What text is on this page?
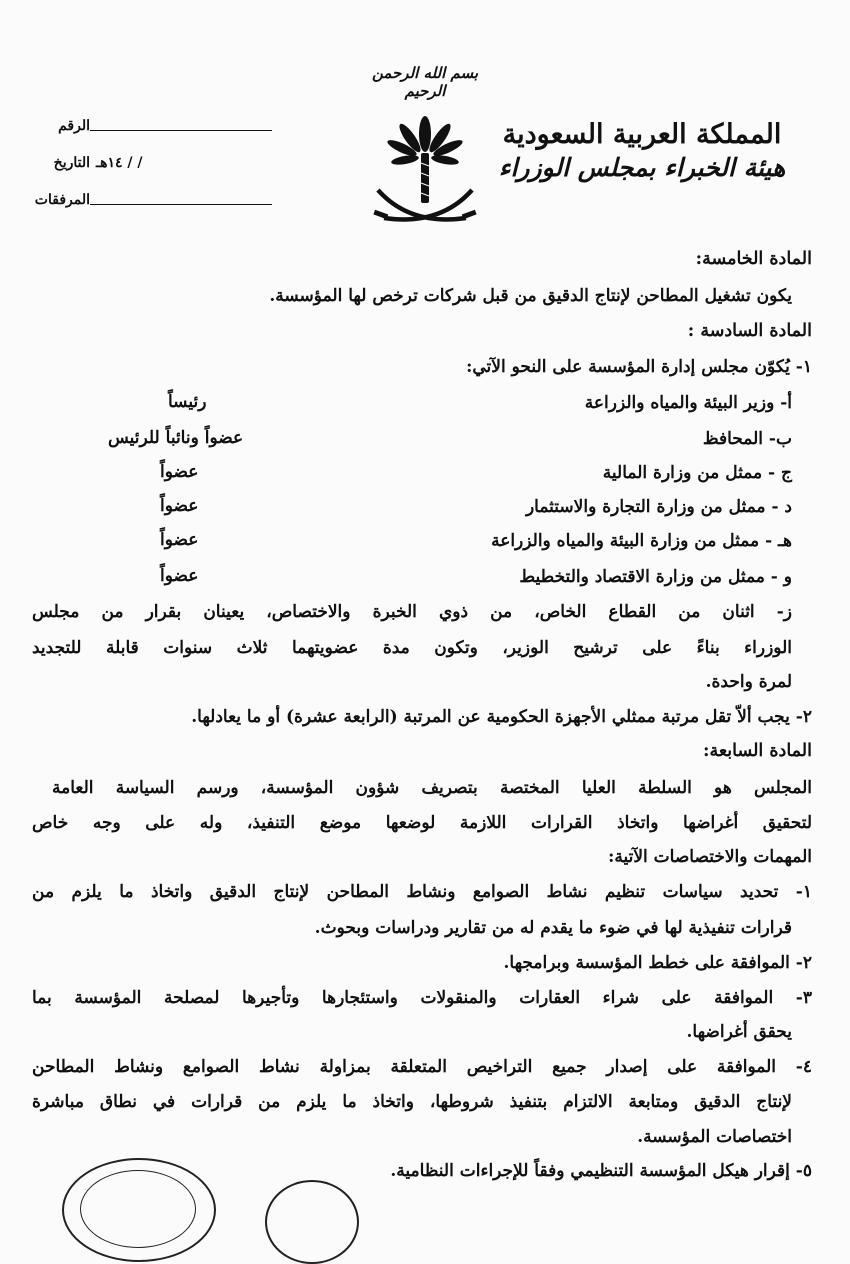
بسم الله الرحمن الرحيم
المملكة العربية السعودية
هيئة الخبراء بمجلس الوزراء
الرقم
التاريخ / / ١٤هـ
المرفقات
المادة الخامسة:
يكون تشغيل المطاحن لإنتاج الدقيق من قبل شركات ترخص لها المؤسسة.
المادة السادسة :
١- يُكوّن مجلس إدارة المؤسسة على النحو الآتي:
أ- وزير البيئة والمياه والزراعة
رئيساً
ب- المحافظ
عضواً ونائباً للرئيس
ج - ممثل من وزارة المالية
عضواً
د - ممثل من وزارة التجارة والاستثمار
عضواً
هـ - ممثل من وزارة البيئة والمياه والزراعة
عضواً
و - ممثل من وزارة الاقتصاد والتخطيط
عضواً
ز- اثنان من القطاع الخاص، من ذوي الخبرة والاختصاص، يعينان بقرار من مجلس
الوزراء بناءً على ترشيح الوزير، وتكون مدة عضويتهما ثلاث سنوات قابلة للتجديد
لمرة واحدة.
٢- يجب ألاّ تقل مرتبة ممثلي الأجهزة الحكومية عن المرتبة (الرابعة عشرة) أو ما يعادلها.
المادة السابعة:
المجلس هو السلطة العليا المختصة بتصريف شؤون المؤسسة، ورسم السياسة العامة
لتحقيق أغراضها واتخاذ القرارات اللازمة لوضعها موضع التنفيذ، وله على وجه خاص
المهمات والاختصاصات الآتية:
١- تحديد سياسات تنظيم نشاط الصوامع ونشاط المطاحن لإنتاج الدقيق واتخاذ ما يلزم من
قرارات تنفيذية لها في ضوء ما يقدم له من تقارير ودراسات وبحوث.
٢- الموافقة على خطط المؤسسة وبرامجها.
٣- الموافقة على شراء العقارات والمنقولات واستئجارها وتأجيرها لمصلحة المؤسسة بما
يحقق أغراضها.
٤- الموافقة على إصدار جميع التراخيص المتعلقة بمزاولة نشاط الصوامع ونشاط المطاحن
لإنتاج الدقيق ومتابعة الالتزام بتنفيذ شروطها، واتخاذ ما يلزم من قرارات في نطاق مباشرة
اختصاصات المؤسسة.
٥- إقرار هيكل المؤسسة التنظيمي وفقاً للإجراءات النظامية.
